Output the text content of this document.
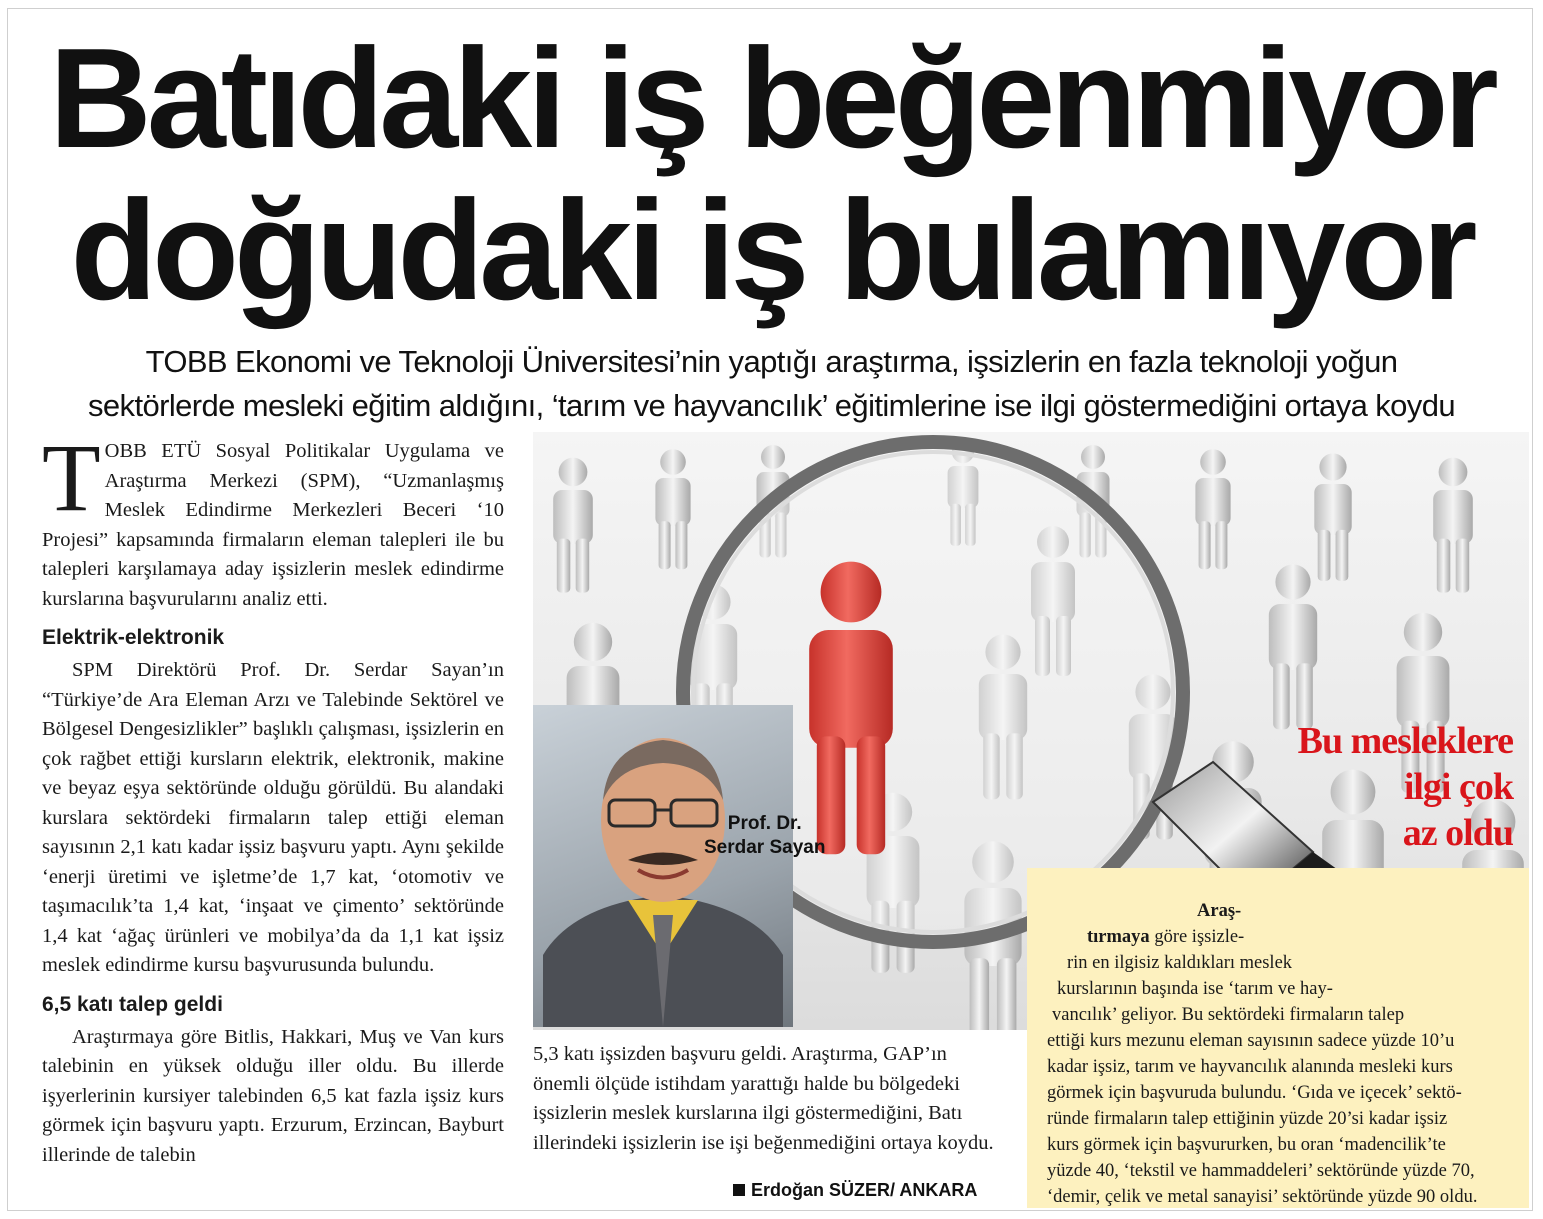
Batıdaki iş beğenmiyor
doğudaki iş bulamıyor
TOBB Ekonomi ve Teknoloji Üniversitesi’nin yaptığı araştırma, işsizlerin en fazla teknoloji yoğun
sektörlerde mesleki eğitim aldığını, ‘tarım ve hayvancılık’ eğitimlerine ise ilgi göstermediğini ortaya koydu

TOBB ETÜ Sosyal Politikalar Uygulama ve Araştırma Merkezi (SPM), “Uzmanlaşmış Meslek Edindirme Merkezleri Beceri ‘10 Projesi” kapsamında firmaların eleman talepleri ile bu talepleri karşılamaya aday işsizlerin meslek edindirme kurslarına başvurularını analiz etti.

Elektrik-elektronik

SPM Direktörü Prof. Dr. Serdar Sayan’ın “Türkiye’de Ara Eleman Arzı ve Talebinde Sektörel ve Bölgesel Dengesizlikler” başlıklı çalışması, işsizlerin en çok rağbet ettiği kursların elektrik, elektronik, makine ve beyaz eşya sektöründe olduğu görüldü. Bu alandaki kurslara sektördeki firmaların talep ettiği eleman sayısının 2,1 katı kadar işsiz başvuru yaptı. Aynı şekilde ‘enerji üretimi ve işletme’de 1,7 kat, ‘otomotiv ve taşımacılık’ta 1,4 kat, ‘inşaat ve çimento’ sektöründe 1,4 kat ‘ağaç ürünleri ve mobilya’da da 1,1 kat işsiz meslek edindirme kursu başvurusunda bulundu.

6,5 katı talep geldi

Araştırmaya göre Bitlis, Hakkari, Muş ve Van kurs talebinin en yüksek olduğu iller oldu. Bu illerde işyerlerinin kursiyer talebinden 6,5 kat fazla işsiz kurs görmek için başvuru yaptı. Erzurum, Erzincan, Bayburt illerinde de talebin

Prof. Dr.
Serdar Sayan
Bu mesleklere
ilgi çok
az oldu

5,3 katı işsizden başvuru geldi. Araştırma, GAP’ın önemli ölçüde istihdam yarattığı halde bu bölgedeki işsizlerin meslek kurslarına ilgi göstermediğini, Batı illerindeki işsizlerin ise işi beğenmediğini ortaya koydu.

Erdoğan SÜZER/ ANKARA
Araş-
tırmaya göre işsizle-
rin en ilgisiz kaldıkları meslek
kurslarının başında ise ‘tarım ve hay-
vancılık’ geliyor. Bu sektördeki firmaların talep
ettiği kurs mezunu eleman sayısının sadece yüzde 10’u
kadar işsiz, tarım ve hayvancılık alanında mesleki kurs
görmek için başvuruda bulundu. ‘Gıda ve içecek’ sektö-
ründe firmaların talep ettiğinin yüzde 20’si kadar işsiz
kurs görmek için başvururken, bu oran ‘madencilik’te
yüzde 40, ‘tekstil ve hammaddeleri’ sektöründe yüzde 70,
‘demir, çelik ve metal sanayisi’ sektöründe yüzde 90 oldu.
